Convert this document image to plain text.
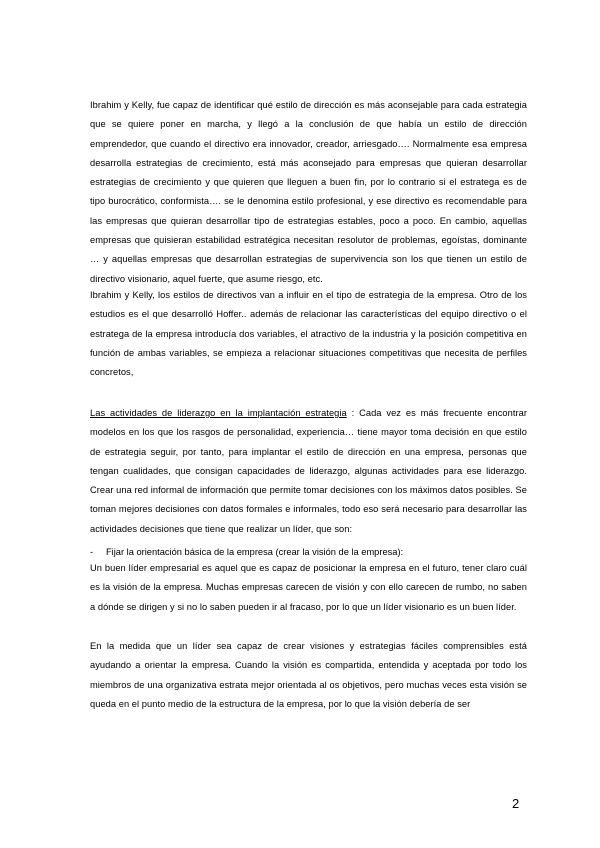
Ibrahim y Kelly, fue capaz de identificar qué estilo de dirección es más aconsejable para cada estrategia que se quiere poner en marcha, y llegó a la conclusión de que había un estilo de dirección emprendedor, que cuando el directivo era innovador, creador, arriesgado…. Normalmente esa empresa desarrolla estrategias de crecimiento, está más aconsejado para empresas que quieran desarrollar estrategias de crecimiento y que quieren que lleguen a buen fin, por lo contrario si el estratega es de tipo burocrático, conformista…. se le denomina estilo profesional, y ese directivo es recomendable para las empresas que quieran desarrollar tipo de estrategias estables, poco a poco. En cambio, aquellas empresas que quisieran estabilidad estratégica necesitan resolutor de problemas, egoístas, dominante … y aquellas empresas que desarrollan estrategias de supervivencia son los que tienen un estilo de directivo visionario, aquel fuerte, que asume riesgo, etc.

Ibrahim y Kelly, los estilos de directivos van a influir en el tipo de estrategia de la empresa. Otro de los estudios es el que desarrolló Hoffer.. además de relacionar las características del equipo directivo o el estratega de la empresa introducía dos variables, el atractivo de la industria y la posición competitiva en función de ambas variables, se empieza a relacionar situaciones competitivas que necesita de perfiles concretos,

Las actividades de liderazgo en la implantación estrategia : Cada vez es más frecuente encontrar modelos en los que los rasgos de personalidad, experiencia… tiene mayor toma decisión en que estilo de estrategia seguir, por tanto, para implantar el estilo de dirección en una empresa, personas que tengan cualidades, que consigan capacidades de liderazgo, algunas actividades para ese liderazgo. Crear una red informal de información que permite tomar decisiones con los máximos datos posibles. Se toman mejores decisiones con datos formales e informales, todo eso será necesario para desarrollar las actividades decisiones que tiene que realizar un líder, que son:

- Fijar la orientación básica de la empresa (crear la visión de la empresa):

Un buen líder empresarial es aquel que es capaz de posicionar la empresa en el futuro, tener claro cuál es la visión de la empresa. Muchas empresas carecen de visión y con ello carecen de rumbo, no saben a dónde se dirigen y si no lo saben pueden ir al fracaso, por lo que un líder visionario es un buen líder.

En la medida que un líder sea capaz de crear visiones y estrategias fáciles comprensibles está ayudando a orientar la empresa. Cuando la visión es compartida, entendida y aceptada por todo los miembros de una organizativa estrata mejor orientada al os objetivos, pero muchas veces esta visión se queda en el punto medio de la estructura de la empresa, por lo que la visión debería de ser

2
